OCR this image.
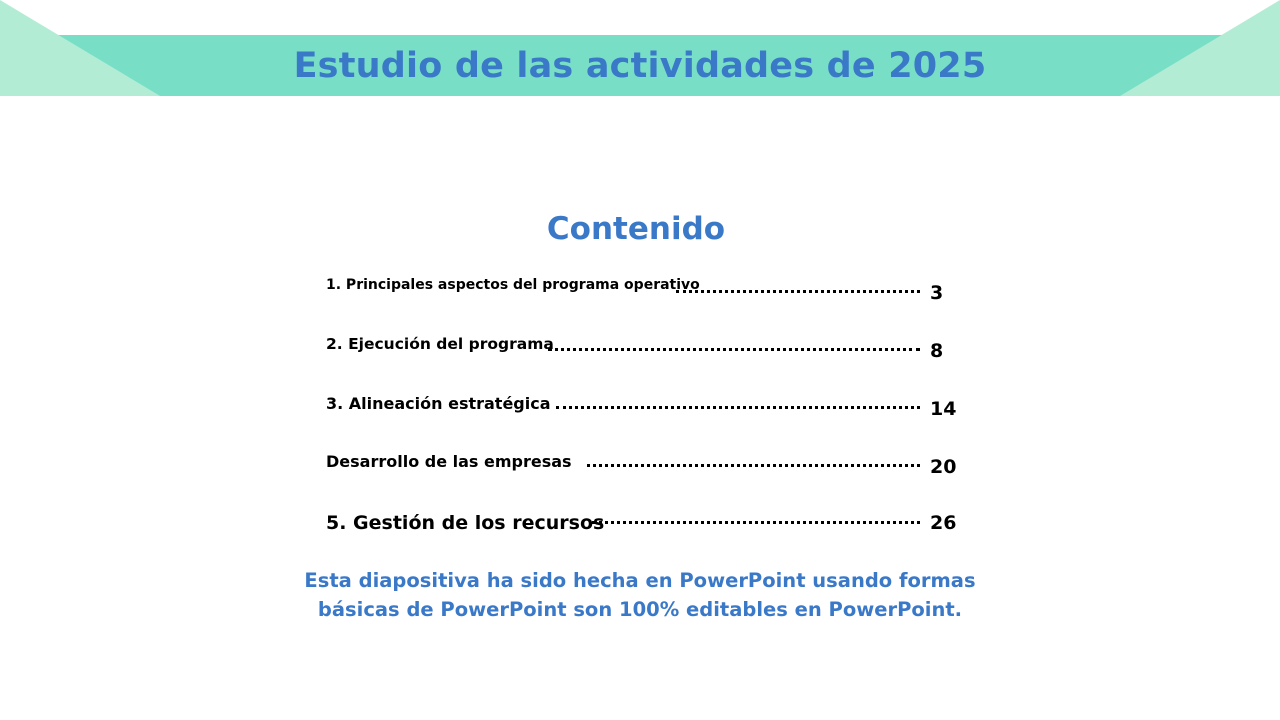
Estudio de las actividades de 2025
Contenido
1. Principales aspectos del programa operativo	3
2. Ejecución del programa	8
3. Alineación estratégica	14
Desarrollo de las empresas	20
5. Gestión de los recursos	26
Esta diapositiva ha sido hecha en PowerPoint usando formas básicas de PowerPoint son 100% editables en PowerPoint.
